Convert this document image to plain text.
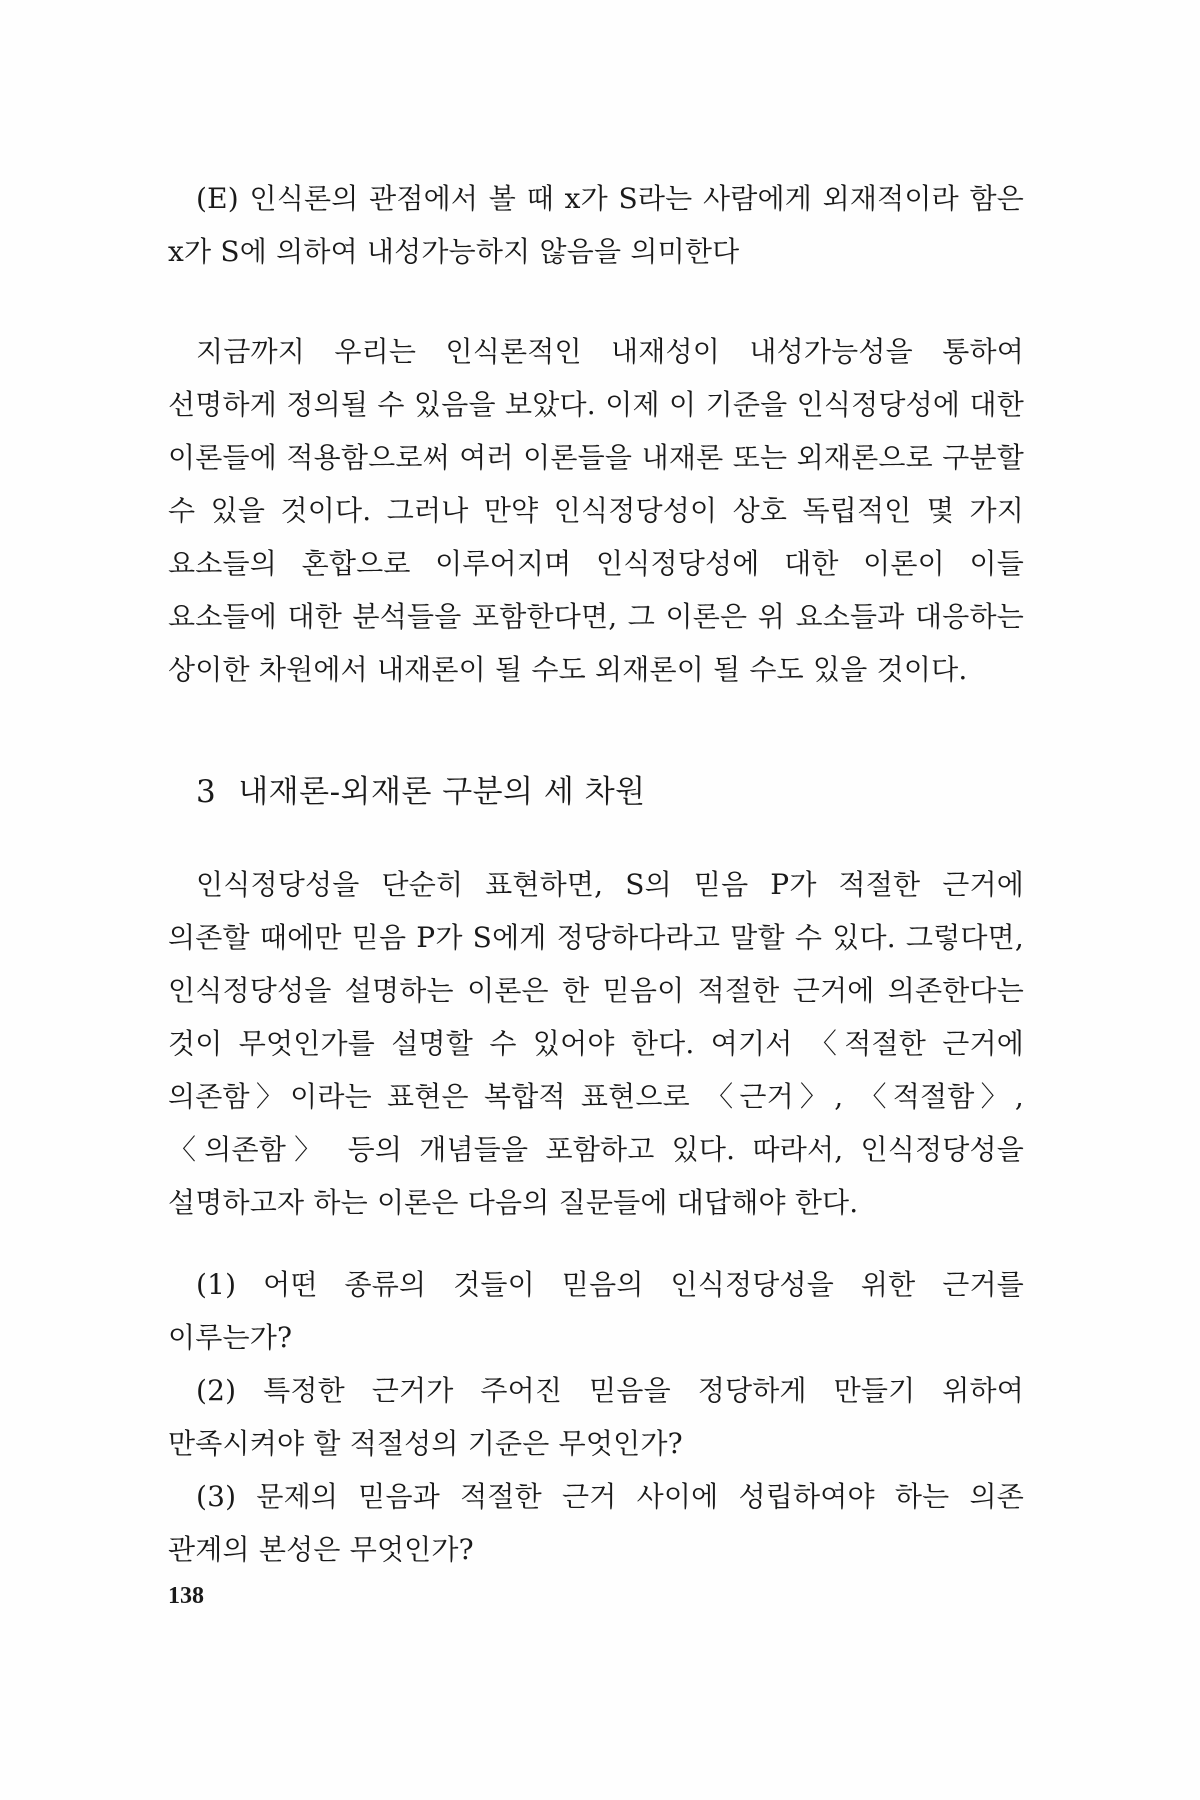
(E) 인식론의 관점에서 볼 때 x가 S라는 사람에게 외재적이라 함은 x가 S에 의하여 내성가능하지 않음을 의미한다

지금까지 우리는 인식론적인 내재성이 내성가능성을 통하여 선명하게 정의될 수 있음을 보았다. 이제 이 기준을 인식정당성에 대한 이론들에 적용함으로써 여러 이론들을 내재론 또는 외재론으로 구분할 수 있을 것이다. 그러나 만약 인식정당성이 상호 독립적인 몇 가지 요소들의 혼합으로 이루어지며 인식정당성에 대한 이론이 이들 요소들에 대한 분석들을 포함한다면, 그 이론은 위 요소들과 대응하는 상이한 차원에서 내재론이 될 수도 외재론이 될 수도 있을 것이다.

3 내재론-외재론 구분의 세 차원

인식정당성을 단순히 표현하면, S의 믿음 P가 적절한 근거에 의존할 때에만 믿음 P가 S에게 정당하다라고 말할 수 있다. 그렇다면, 인식정당성을 설명하는 이론은 한 믿음이 적절한 근거에 의존한다는 것이 무엇인가를 설명할 수 있어야 한다. 여기서 〈적절한 근거에 의존함〉이라는 표현은 복합적 표현으로 〈근거〉, 〈적절함〉, 〈의존함〉 등의 개념들을 포함하고 있다. 따라서, 인식정당성을 설명하고자 하는 이론은 다음의 질문들에 대답해야 한다.

(1) 어떤 종류의 것들이 믿음의 인식정당성을 위한 근거를 이루는가?

(2) 특정한 근거가 주어진 믿음을 정당하게 만들기 위하여 만족시켜야 할 적절성의 기준은 무엇인가?

(3) 문제의 믿음과 적절한 근거 사이에 성립하여야 하는 의존 관계의 본성은 무엇인가?

138
